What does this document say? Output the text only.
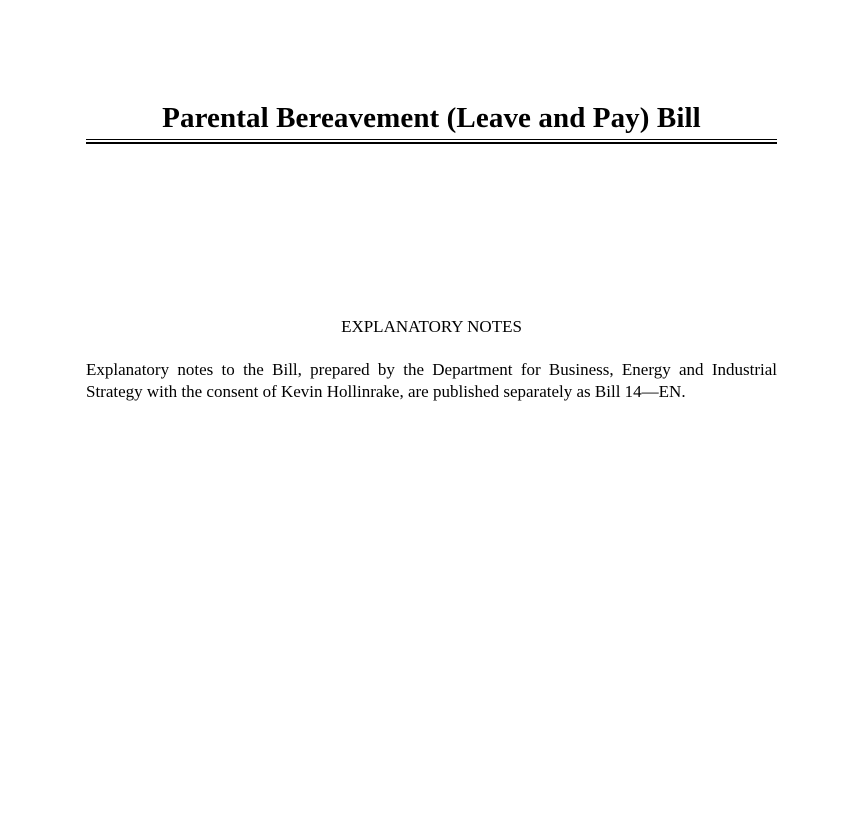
Parental Bereavement (Leave and Pay) Bill
EXPLANATORY NOTES

Explanatory notes to the Bill, prepared by the Department for Business, Energy and Industrial Strategy with the consent of Kevin Hollinrake, are published separately as Bill 14—EN.
